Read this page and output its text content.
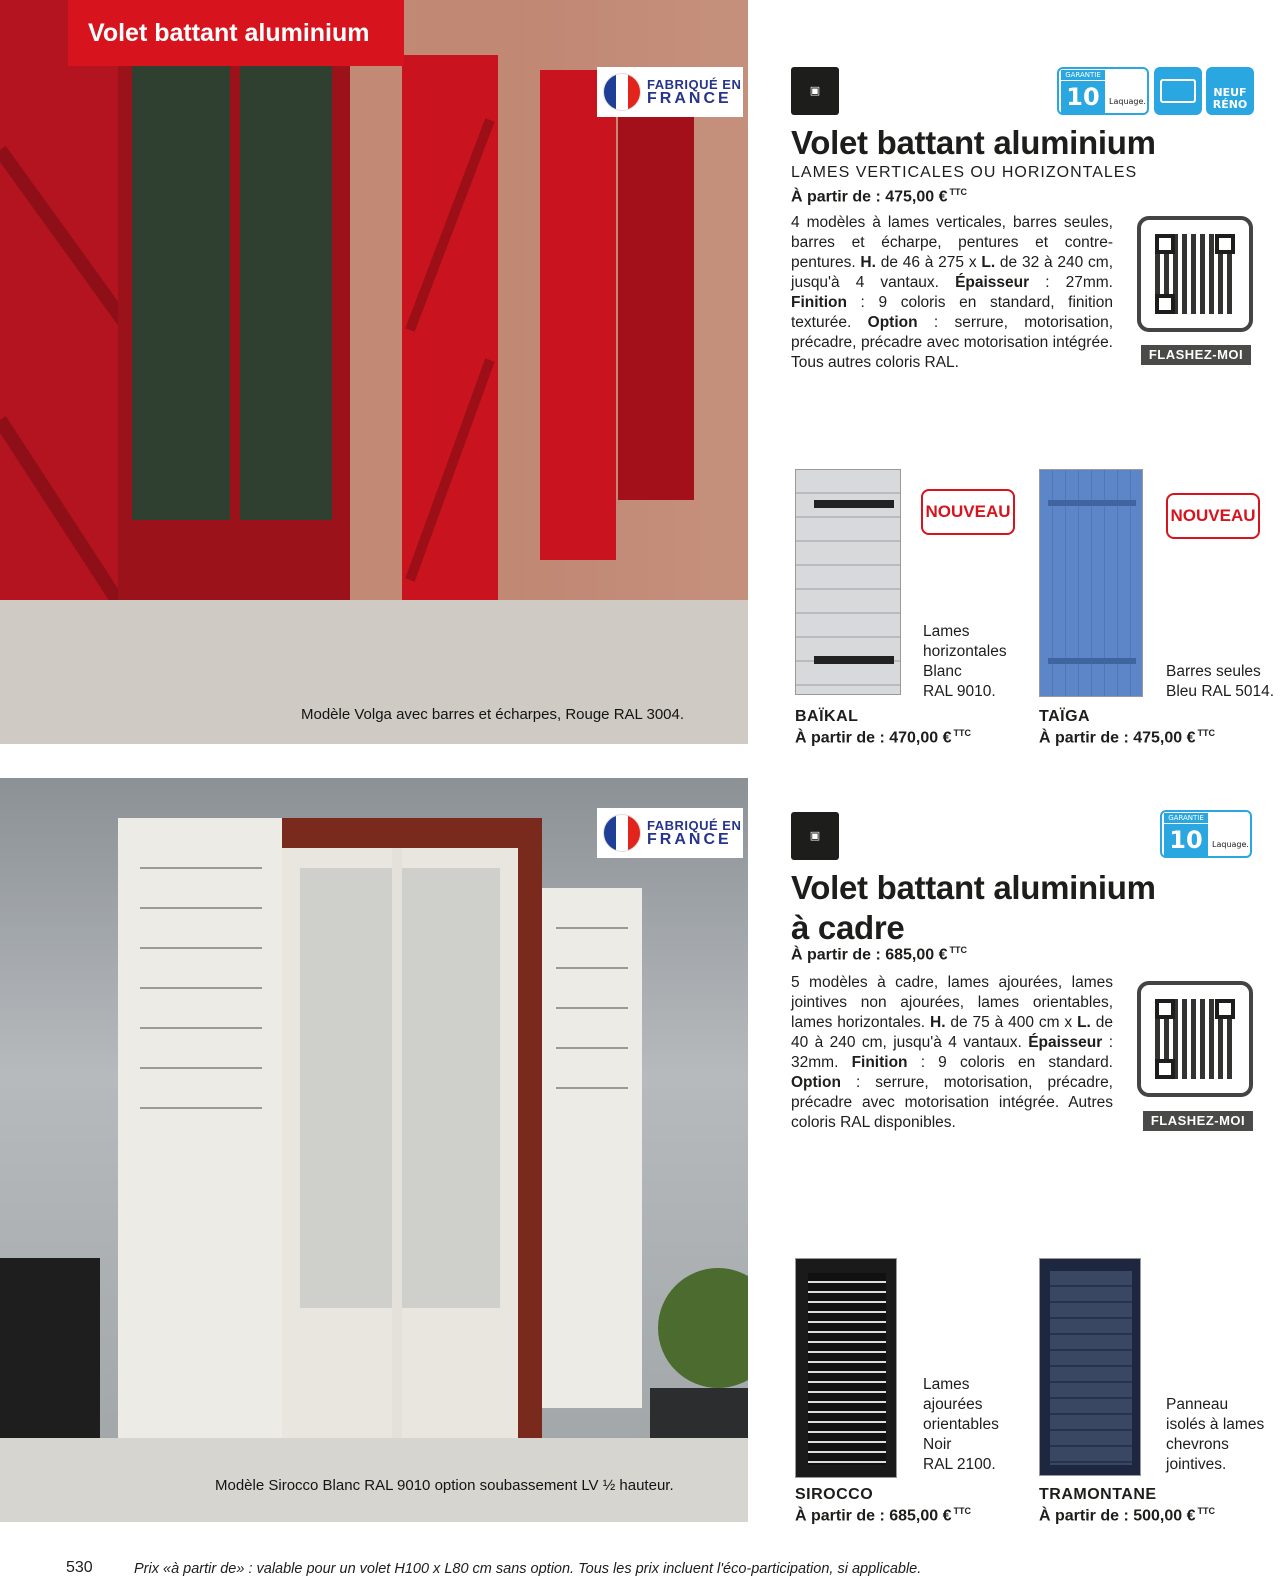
Volet battant aluminium
FABRIQUÉ EN
FRANCE
Modèle Volga avec barres et écharpes, Rouge RAL 3004.
▣
GARANTIE
10	Laquage.
NEUF RÉNO
Volet battant aluminium
LAMES VERTICALES OU HORIZONTALES
À partir de : 475,00 € $^{TTC}$
4 modèles à lames verticales, barres seules, barres et écharpe, pentures et contre-pentures. H. de 46 à 275 x L. de 32 à 240 cm, jusqu'à 4 vantaux. Épaisseur : 27mm. Finition : 9 coloris en standard, finition texturée. Option : serrure, motorisation, précadre, précadre avec motorisation intégrée. Tous autres coloris RAL.	FLASHEZ-MOI
NOUVEAU
Lames
horizontales
Blanc
RAL 9010.
BAÏKAL
À partir de : 470,00 € $^{TTC}$
NOUVEAU
Barres seules
Bleu RAL 5014.
TAÏGA
À partir de : 475,00 € $^{TTC}$
FABRIQUÉ EN
FRANCE
Modèle Sirocco Blanc RAL 9010 option soubassement LV ½ hauteur.
▣
GARANTIE
10	Laquage.
Volet battant aluminium
à cadre
À partir de : 685,00 € $^{TTC}$
5 modèles à cadre, lames ajourées, lames jointives non ajourées, lames orientables, lames horizontales. H. de 75 à 400 cm x L. de 40 à 240 cm, jusqu'à 4 vantaux. Épaisseur : 32mm. Finition : 9 coloris en standard. Option : serrure, motorisation, précadre, précadre avec motorisation intégrée. Autres coloris RAL disponibles.	FLASHEZ-MOI
Lames
ajourées
orientables
Noir
RAL 2100.
SIROCCO
À partir de : 685,00 € $^{TTC}$
Panneau
isolés à lames
chevrons
jointives.
TRAMONTANE
À partir de : 500,00 € $^{TTC}$
530	Prix «à partir de» : valable pour un volet H100 x L80 cm sans option. Tous les prix incluent l'éco-participation, si applicable.
